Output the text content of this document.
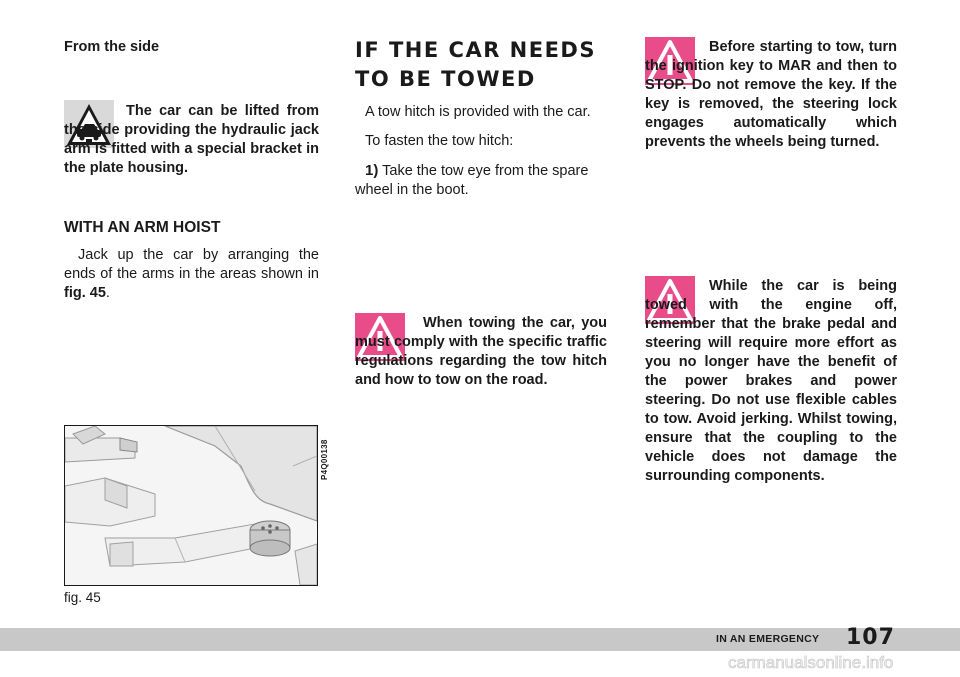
From the side
The car can be lifted from the side providing the hydraulic jack arm is fitted with a special bracket in the plate housing.
WITH AN ARM HOIST
Jack up the car by arranging the ends of the arms in the areas shown in fig. 45.
P4Q00138
fig. 45
IF THE CAR NEEDS
TO BE TOWED
A tow hitch is provided with the car.
To fasten the tow hitch:
1) Take the tow eye from the spare wheel in the boot.
When towing the car, you must comply with the specific traffic regulations regarding the tow hitch and how to tow on the road.
Before starting to tow, turn the ignition key to MAR and then to STOP. Do not remove the key. If the key is removed, the steering lock engages automatically which prevents the wheels being turned.
While the car is being towed with the engine off, remember that the brake pedal and steering will require more effort as you no longer have the benefit of the power brakes and power steering. Do not use flexible cables to tow. Avoid jerking. Whilst towing, ensure that the coupling to the vehicle does not damage the surrounding components.
IN AN EMERGENCY 107
carmanualsonline.info
